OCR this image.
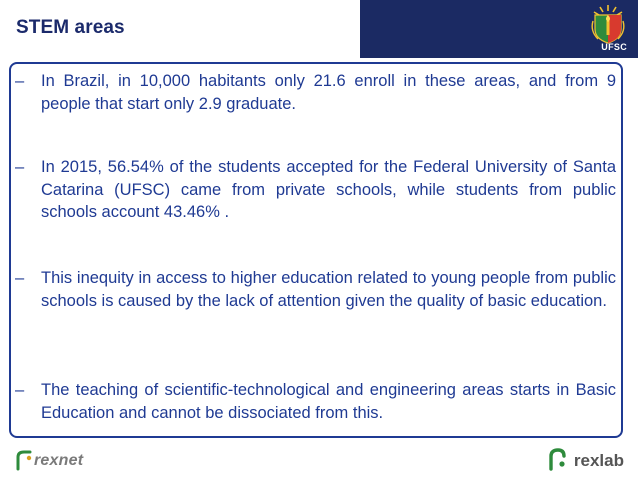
STEM areas
UFSC
– In Brazil, in 10,000 habitants only 21.6 enroll in these areas, and from 9 people that start only 2.9 graduate.
– In 2015, 56.54% of the students accepted for the Federal University of Santa Catarina (UFSC) came from private schools, while students from public schools account 43.46% .
– This inequity in access to higher education related to young people from public schools is caused by the lack of attention given the quality of basic education.
– The teaching of scientific-technological and engineering areas starts in Basic Education and cannot be dissociated from this.
rexnet	rexlab
